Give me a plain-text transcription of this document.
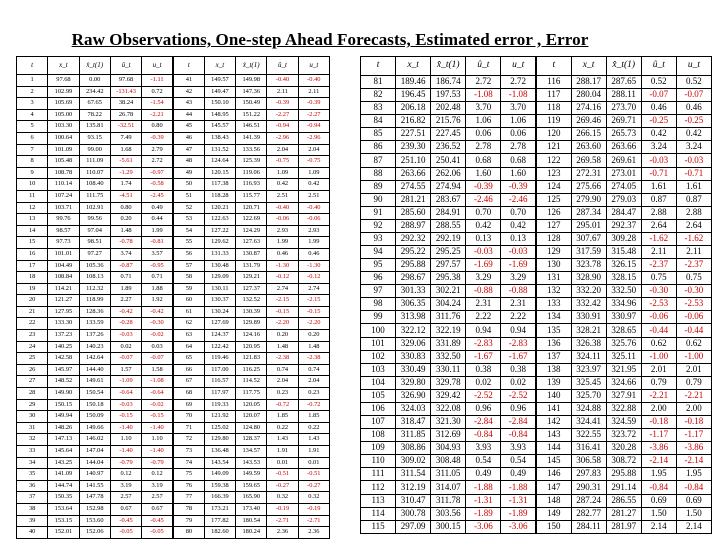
Raw Observations, One-step Ahead Forecasts, Estimated error , Error
t	x_t	x̂_t(1)	û_t	u_t	t	x_t	x̂_t(1)	û_t	u_t
1	97.68	0.00	97.68	-1.11	41	149.57	149.98	-0.40	-0.40
2	102.99	234.42	-131.43	0.72	42	149.47	147.36	2.11	2.11
3	105.69	67.65	38.24	-1.54	43	150.10	150.49	-0.39	-0.39
4	105.00	78.22	26.78	-2.21	44	148.95	151.22	-2.27	-2.27
5	103.30	135.81	-32.51	0.80	45	145.57	146.51	-0.94	-0.94
6	100.64	93.15	7.49	-0.39	46	138.43	141.39	-2.96	-2.96
7	101.09	99.00	1.68	2.79	47	131.52	133.56	2.04	2.04
8	105.48	111.09	-5.61	2.72	48	124.64	125.39	-0.75	-0.75
9	108.78	110.07	-1.29	-0.97	49	120.15	119.06	1.09	1.09
10	110.14	108.40	1.74	-0.58	50	117.38	116.93	0.42	0.42
11	107.24	111.75	-4.51	-2.45	51	118.28	115.77	2.51	2.51
12	103.71	102.91	0.80	0.49	52	120.21	120.71	-0.40	-0.40
13	99.76	99.56	0.20	0.44	53	122.63	122.69	-0.06	-0.06
14	98.57	97.04	1.48	1.99	54	127.22	124.29	2.93	2.93
15	97.73	98.51	-0.78	-0.81	55	129.62	127.63	1.99	1.99
16	101.01	97.27	3.74	3.57	56	131.33	130.87	0.46	0.46
17	104.49	105.36	-0.87	-0.95	57	130.48	131.79	-1.30	-1.30
18	108.84	108.13	0.71	0.71	58	129.09	129.21	-0.12	-0.12
19	114.21	112.32	1.89	1.88	59	130.11	127.37	2.74	2.74
20	121.27	118.99	2.27	1.92	60	130.37	132.52	-2.15	-2.15
21	127.95	128.36	-0.42	-0.42	61	130.24	130.39	-0.15	-0.15
22	133.30	133.59	-0.28	-0.30	62	127.69	129.89	-2.20	-2.20
23	137.23	137.26	-0.03	-0.02	63	124.37	124.16	0.20	0.20
24	140.25	140.23	0.02	0.03	64	122.42	120.95	1.48	1.48
25	142.58	142.64	-0.07	-0.07	65	119.46	121.83	-2.38	-2.38
26	145.97	144.40	1.57	1.58	66	117.00	116.25	0.74	0.74
27	148.52	149.61	-1.09	-1.08	67	116.57	114.52	2.04	2.04
28	149.90	150.54	-0.64	-0.64	68	117.97	117.75	0.23	0.23
29	150.15	150.18	-0.03	-0.02	69	119.33	120.05	-0.72	-0.72
30	149.94	150.09	-0.15	-0.15	70	121.92	120.07	1.85	1.85
31	148.26	149.66	-1.40	-1.40	71	125.02	124.80	0.22	0.22
32	147.13	146.02	1.10	1.10	72	129.80	128.37	1.43	1.43
33	145.64	147.04	-1.40	-1.40	73	136.48	134.57	1.91	1.91
34	143.25	144.04	-0.79	-0.79	74	143.54	143.53	0.01	0.01
35	141.09	140.97	0.12	0.12	75	149.09	149.59	-0.51	-0.51
36	144.74	141.55	3.19	3.19	76	159.38	159.65	-0.27	-0.27
37	150.35	147.78	2.57	2.57	77	166.39	165.90	0.32	0.32
38	153.64	152.98	0.67	0.67	78	173.21	173.40	-0.19	-0.19
39	153.15	153.60	-0.45	-0.45	79	177.82	180.54	-2.71	-2.71
40	152.01	152.06	-0.05	-0.05	80	182.60	180.24	2.36	2.36
t	x_t	x̂_t(1)	û_t	u_t	t	x_t	x̂_t(1)	û_t	u_t
81	189.46	186.74	2.72	2.72	116	288.17	287.65	0.52	0.52
82	196.45	197.53	-1.08	-1.08	117	280.04	288.11	-0.07	-0.07
83	206.18	202.48	3.70	3.70	118	274.16	273.70	0.46	0.46
84	216.82	215.76	1.06	1.06	119	269.46	269.71	-0.25	-0.25
85	227.51	227.45	0.06	0.06	120	266.15	265.73	0.42	0.42
86	239.30	236.52	2.78	2.78	121	263.60	263.66	3.24	3.24
87	251.10	250.41	0.68	0.68	122	269.58	269.61	-0.03	-0.03
88	263.66	262.06	1.60	1.60	123	272.31	273.01	-0.71	-0.71
89	274.55	274.94	-0.39	-0.39	124	275.66	274.05	1.61	1.61
90	281.21	283.67	-2.46	-2.46	125	279.90	279.03	0.87	0.87
91	285.60	284.91	0.70	0.70	126	287.34	284.47	2.88	2.88
92	288.97	288.55	0.42	0.42	127	295.01	292.37	2.64	2.64
93	292.32	292.19	0.13	0.13	128	307.67	309.28	-1.62	-1.62
94	295.22	295.25	-0.03	-0.03	129	317.59	315.48	2.11	2.11
95	295.88	297.57	-1.69	-1.69	130	323.78	326.15	-2.37	-2.37
96	298.67	295.38	3.29	3.29	131	328.90	328.15	0.75	0.75
97	301.33	302.21	-0.88	-0.88	132	332.20	332.50	-0.30	-0.30
98	306.35	304.24	2.31	2.31	133	332.42	334.96	-2.53	-2.53
99	313.98	311.76	2.22	2.22	134	330.91	330.97	-0.06	-0.06
100	322.12	322.19	0.94	0.94	135	328.21	328.65	-0.44	-0.44
101	329.06	331.89	-2.83	-2.83	136	326.38	325.76	0.62	0.62
102	330.83	332.50	-1.67	-1.67	137	324.11	325.11	-1.00	-1.00
103	330.49	330.11	0.38	0.38	138	323.97	321.95	2.01	2.01
104	329.80	329.78	0.02	0.02	139	325.45	324.66	0.79	0.79
105	326.90	329.42	-2.52	-2.52	140	325.70	327.91	-2.21	-2.21
106	324.03	322.08	0.96	0.96	141	324.88	322.88	2.00	2.00
107	318.47	321.30	-2.84	-2.84	142	324.41	324.59	-0.18	-0.18
108	311.85	312.69	-0.84	-0.84	143	322.55	323.72	-1.17	-1.17
109	308.86	304.93	3.93	3.93	144	316.41	320.28	-3.86	-3.86
110	309.02	308.48	0.54	0.54	145	306.58	308.72	-2.14	-2.14
111	311.54	311.05	0.49	0.49	146	297.83	295.88	1.95	1.95
112	312.19	314.07	-1.88	-1.88	147	290.31	291.14	-0.84	-0.84
113	310.47	311.78	-1.31	-1.31	148	287.24	286.55	0.69	0.69
114	300.78	303.56	-1.89	-1.89	149	282.77	281.27	1.50	1.50
115	297.09	300.15	-3.06	-3.06	150	284.11	281.97	2.14	2.14
